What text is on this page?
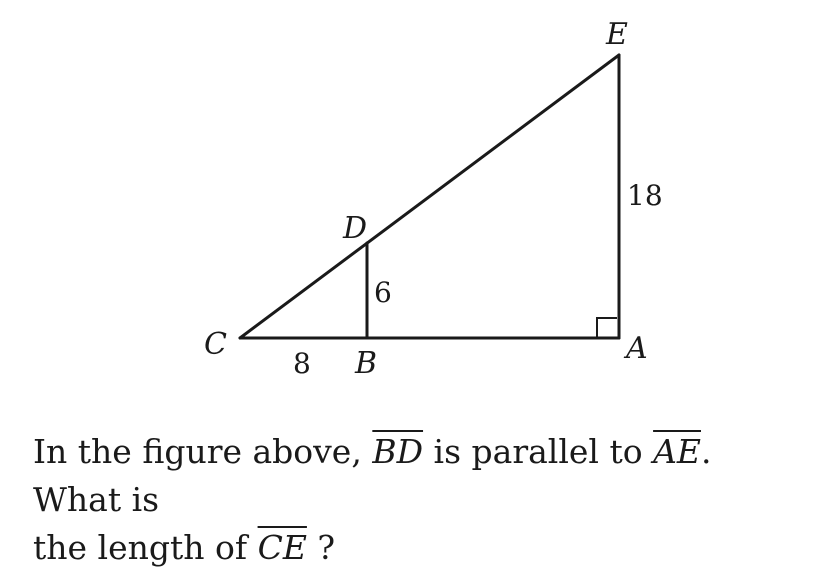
C
B	A
D
E
8
6
18

In the figure above, $\overline{BD}$ is parallel to $\overline{AE}$. What is
the length of $\overline{CE}$ ?
